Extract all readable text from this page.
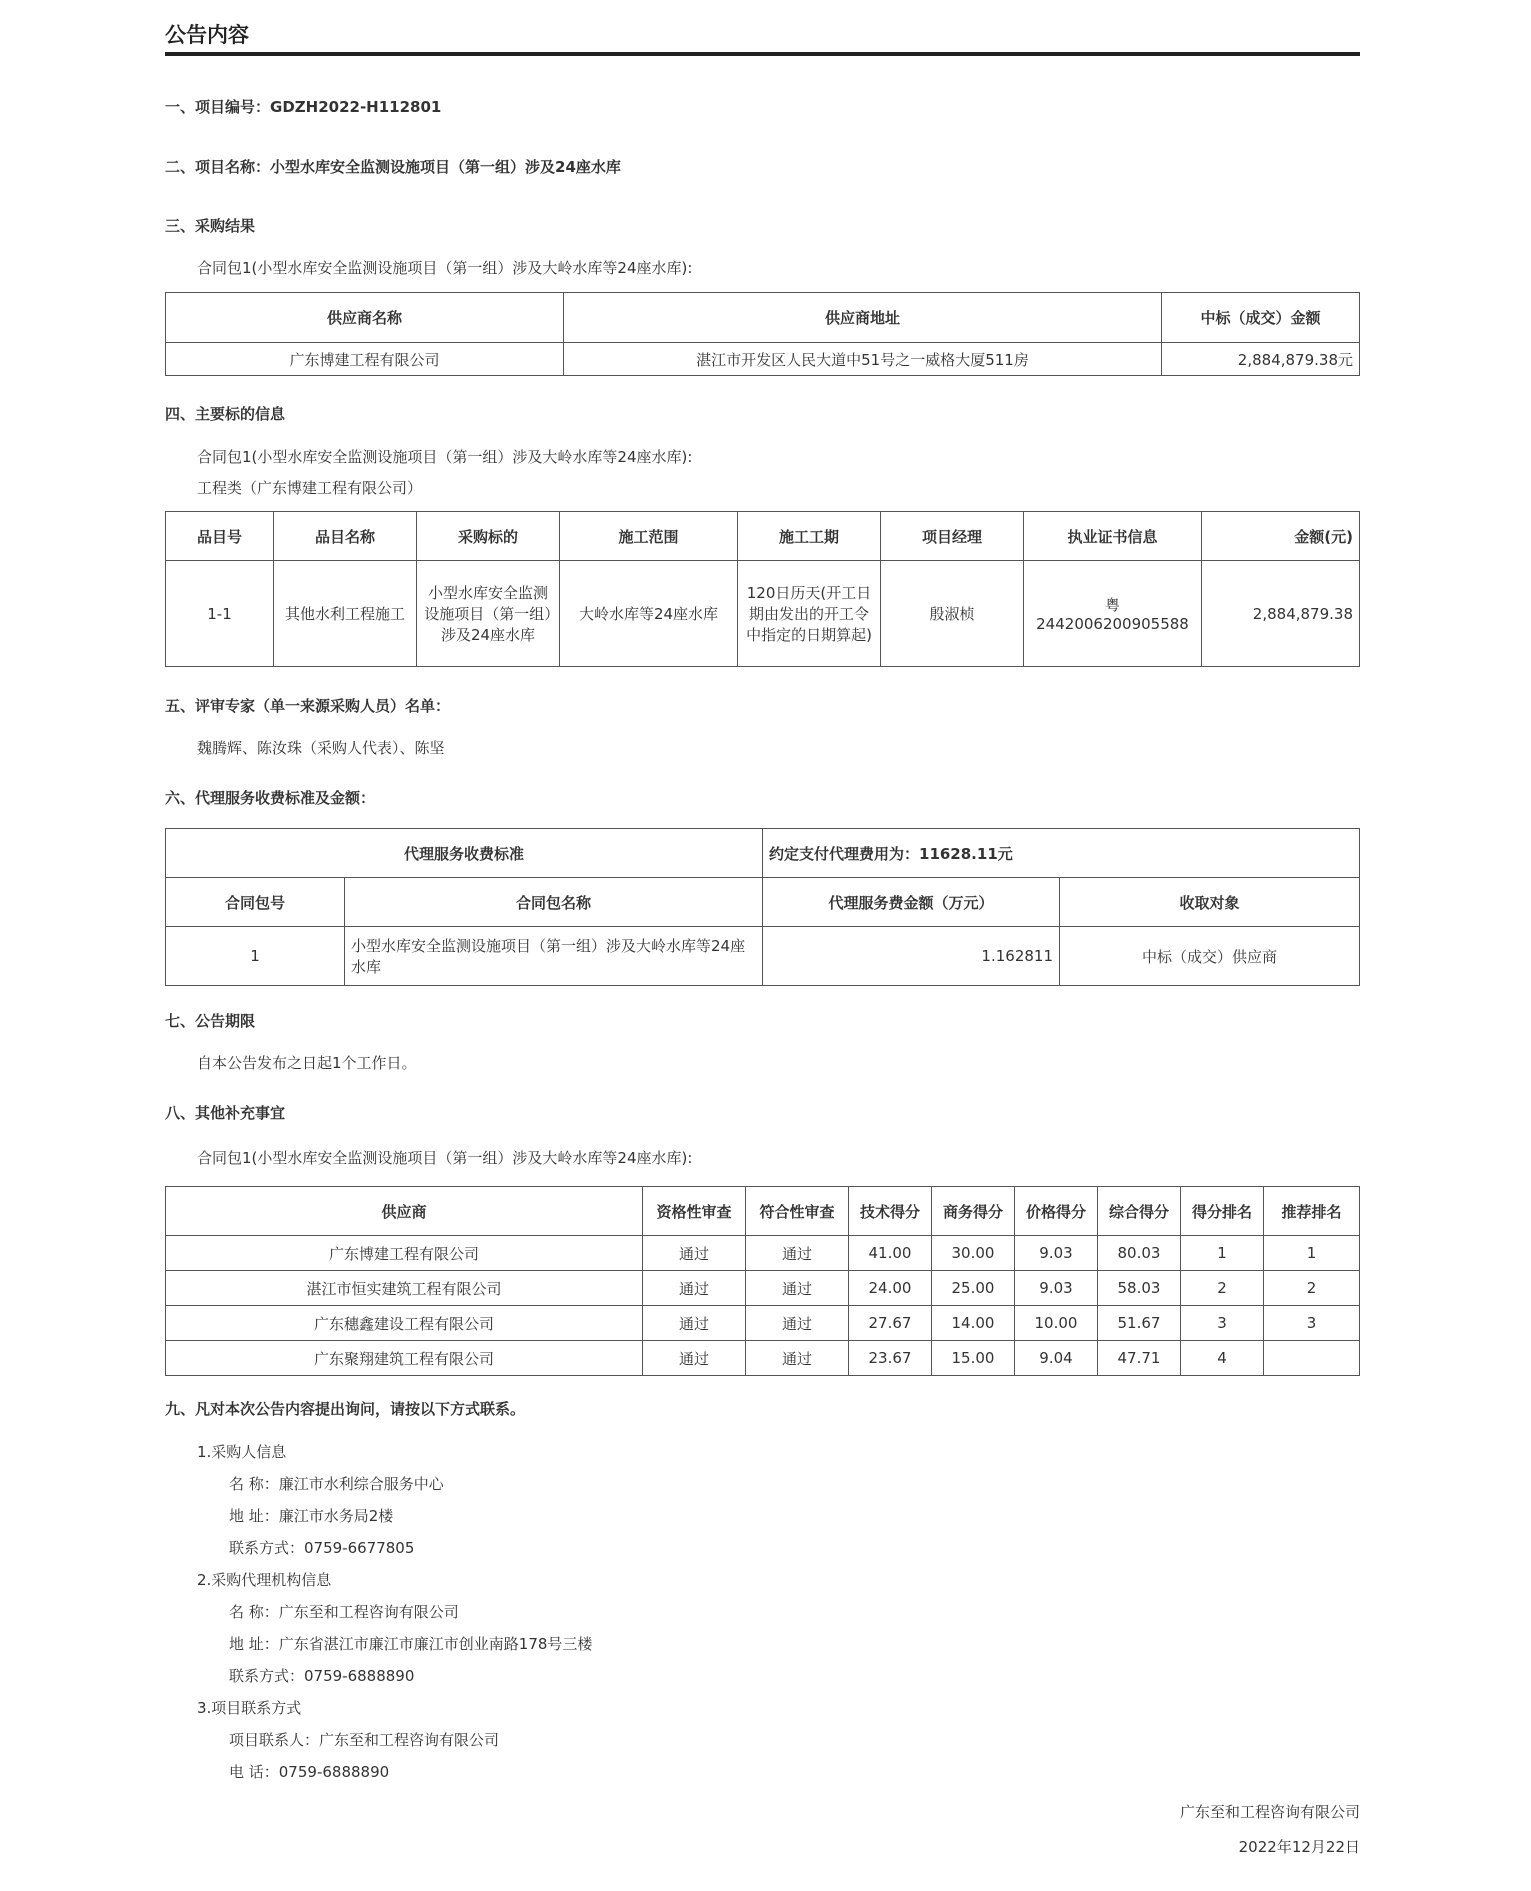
公告内容
一、项目编号：GDZH2022-H112801
二、项目名称：小型水库安全监测设施项目（第一组）涉及24座水库
三、采购结果
合同包1(小型水库安全监测设施项目（第一组）涉及大岭水库等24座水库):
供应商名称	供应商地址	中标（成交）金额
广东博建工程有限公司	湛江市开发区人民大道中51号之一威格大厦511房	2,884,879.38元
四、主要标的信息
合同包1(小型水库安全监测设施项目（第一组）涉及大岭水库等24座水库):
工程类（广东博建工程有限公司）
品目号	品目名称	采购标的	施工范围	施工工期	项目经理	执业证书信息	金额(元)
1-1	其他水利工程施工	小型水库安全监测设施项目（第一组）涉及24座水库	大岭水库等24座水库	120日历天(开工日期由发出的开工令中指定的日期算起)	殷淑桢	粤2442006200905588	2,884,879.38
五、评审专家（单一来源采购人员）名单：
魏腾辉、陈汝珠（采购人代表）、陈坚
六、代理服务收费标准及金额：
代理服务收费标准		约定支付代理费用为：11628.11元	
合同包号	合同包名称	代理服务费金额（万元）	收取对象
1	小型水库安全监测设施项目（第一组）涉及大岭水库等24座水库	1.162811	中标（成交）供应商
七、公告期限
自本公告发布之日起1个工作日。
八、其他补充事宜
合同包1(小型水库安全监测设施项目（第一组）涉及大岭水库等24座水库):
供应商	资格性审查	符合性审查	技术得分	商务得分	价格得分	综合得分	得分排名	推荐排名
广东博建工程有限公司	通过	通过	41.00	30.00	9.03	80.03	1	1
湛江市恒实建筑工程有限公司	通过	通过	24.00	25.00	9.03	58.03	2	2
广东穗鑫建设工程有限公司	通过	通过	27.67	14.00	10.00	51.67	3	3
广东聚翔建筑工程有限公司	通过	通过	23.67	15.00	9.04	47.71	4	
九、凡对本次公告内容提出询问，请按以下方式联系。
1.采购人信息
名 称：廉江市水利综合服务中心
地 址：廉江市水务局2楼
联系方式：0759-6677805
2.采购代理机构信息
名 称：广东至和工程咨询有限公司
地 址：广东省湛江市廉江市廉江市创业南路178号三楼
联系方式：0759-6888890
3.项目联系方式
项目联系人：广东至和工程咨询有限公司
电 话：0759-6888890
广东至和工程咨询有限公司
2022年12月22日
